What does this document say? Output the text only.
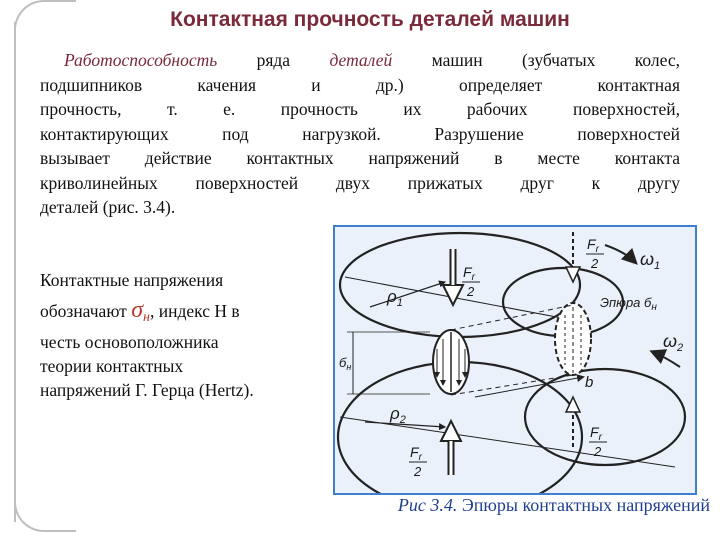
Контактная прочность деталей машин
Работоспособность ряда деталей машин (зубчатых колес,
подшипников качения и др.) определяет контактная
прочность, т. е. прочность их рабочих поверхностей,
контактирующих под нагрузкой. Разрушение поверхностей
вызывает действие контактных напряжений в месте контакта
криволинейных поверхностей двух прижатых друг к другу
деталей (рис. 3.4).
Контактные напряжения
обозначают $\sigma_н$, индекс H в
честь основоположника
теории контактных
напряжений Г. Герца (Hertz).
$F_r$
2
$F_r$
2
$F_r$
2
$F_r$
2
$\omega_1$
$\omega_2$
$\rho_1$
$\rho_2$
Эпюра $б_н$
b
$б_н$
Рис 3.4. Эпюры контактных напряжений
